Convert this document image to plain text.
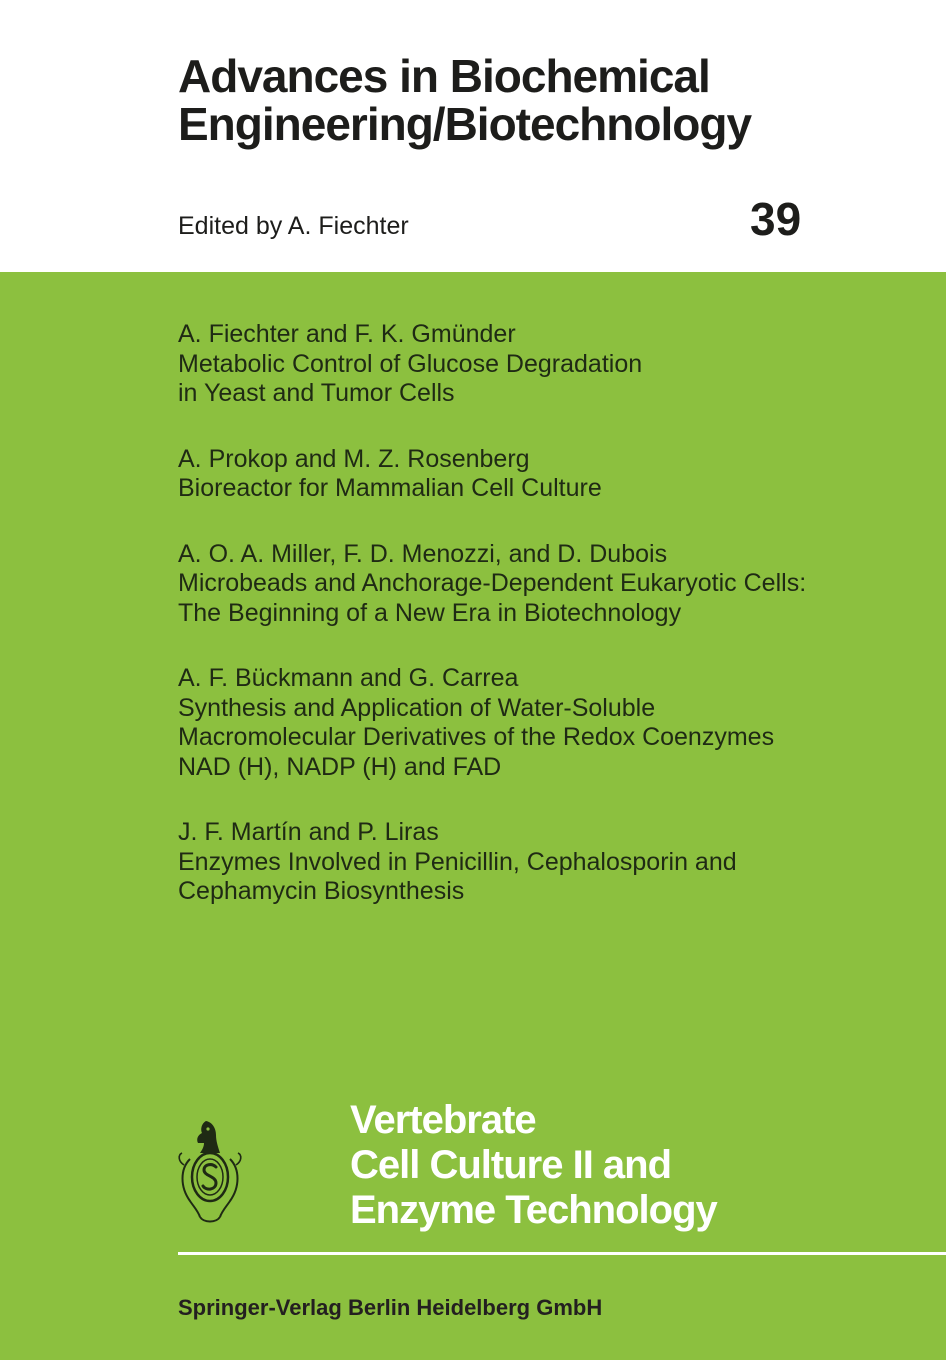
Advances in Biochemical
Engineering/Biotechnology
Edited by A. Fiechter	39
A. Fiechter and F. K. Gmünder
Metabolic Control of Glucose Degradation
in Yeast and Tumor Cells
A. Prokop and M. Z. Rosenberg
Bioreactor for Mammalian Cell Culture
A. O. A. Miller, F. D. Menozzi, and D. Dubois
Microbeads and Anchorage-Dependent Eukaryotic Cells:
The Beginning of a New Era in Biotechnology
A. F. Bückmann and G. Carrea
Synthesis and Application of Water-Soluble
Macromolecular Derivatives of the Redox Coenzymes
NAD (H), NADP (H) and FAD
J. F. Martín and P. Liras
Enzymes Involved in Penicillin, Cephalosporin and
Cephamycin Biosynthesis
Vertebrate
Cell Culture II and
Enzyme Technology
Springer-Verlag Berlin Heidelberg GmbH
